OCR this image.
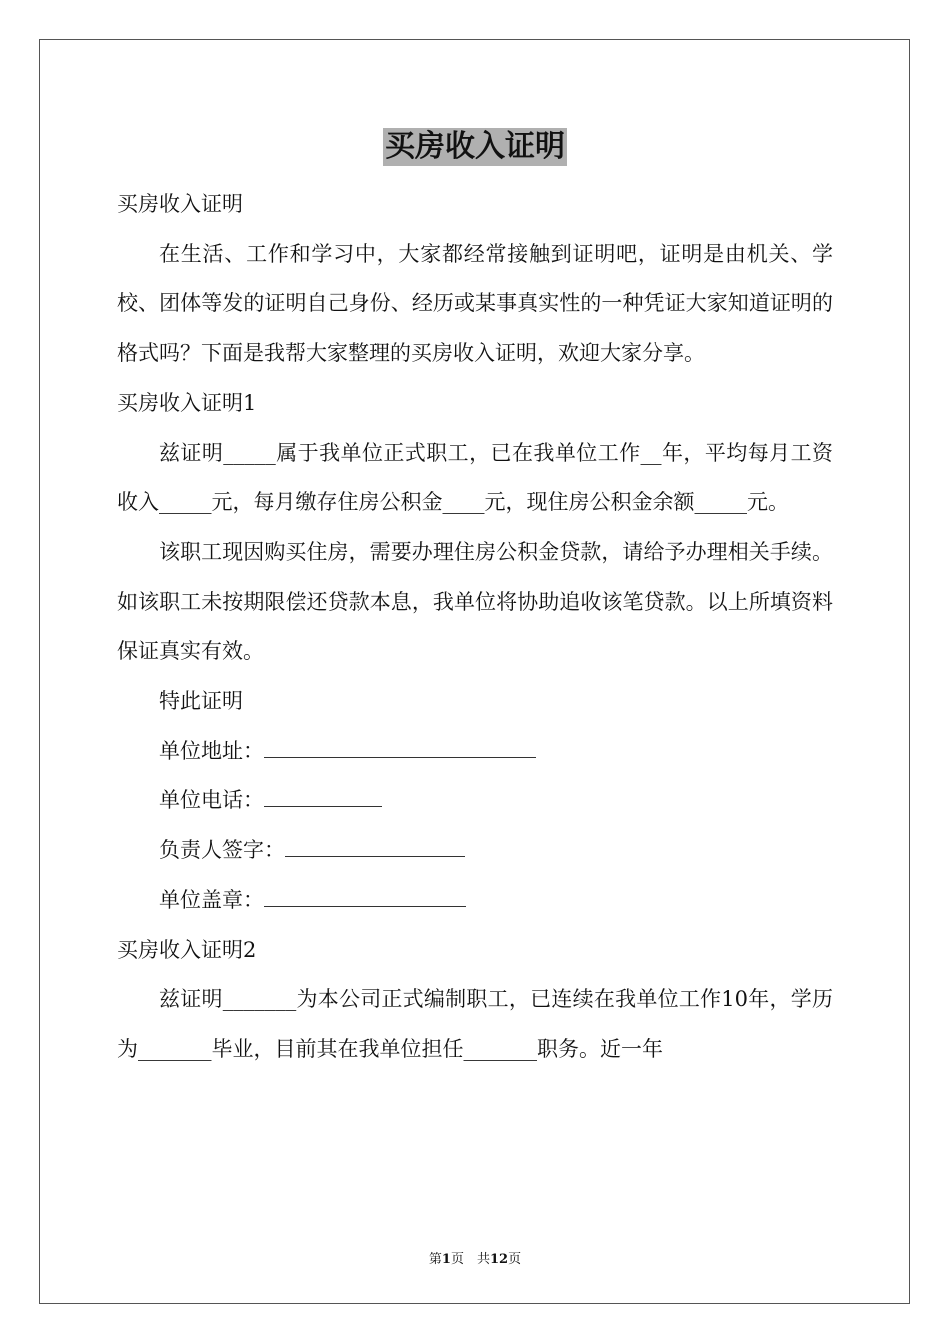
买房收入证明

买房收入证明

在生活、工作和学习中，大家都经常接触到证明吧，证明是由机关、学校、团体等发的证明自己身份、经历或某事真实性的一种凭证大家知道证明的格式吗？下面是我帮大家整理的买房收入证明，欢迎大家分享。

买房收入证明1

兹证明_____属于我单位正式职工，已在我单位工作__年，平均每月工资收入_____元，每月缴存住房公积金____元，现住房公积金余额_____元。

该职工现因购买住房，需要办理住房公积金贷款，请给予办理相关手续。如该职工未按期限偿还贷款本息，我单位将协助追收该笔贷款。以上所填资料保证真实有效。

特此证明

单位地址：

单位电话：

负责人签字：

单位盖章：

买房收入证明2

兹证明_______为本公司正式编制职工，已连续在我单位工作10年，学历为_______毕业，目前其在我单位担任_______职务。近一年

第1页　共12页
